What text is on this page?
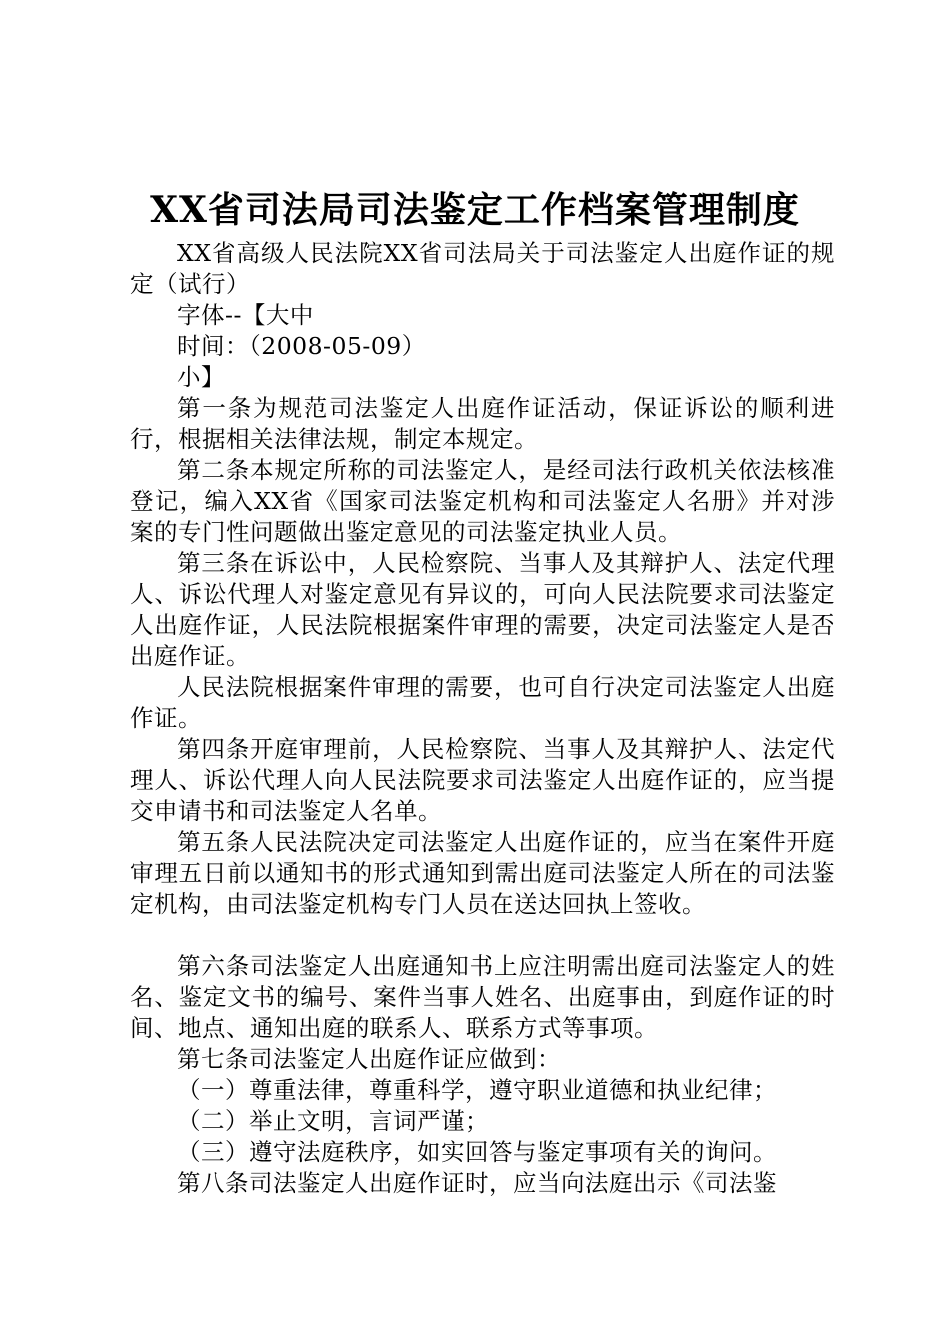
XX省司法局司法鉴定工作档案管理制度

XX省高级人民法院XX省司法局关于司法鉴定人出庭作证的规定（试行）

字体--【大中

时间：（2008-05-09）

小】

第一条为规范司法鉴定人出庭作证活动，保证诉讼的顺利进行，根据相关法律法规，制定本规定。

第二条本规定所称的司法鉴定人，是经司法行政机关依法核准登记，编入XX省《国家司法鉴定机构和司法鉴定人名册》并对涉案的专门性问题做出鉴定意见的司法鉴定执业人员。

第三条在诉讼中，人民检察院、当事人及其辩护人、法定代理人、诉讼代理人对鉴定意见有异议的，可向人民法院要求司法鉴定人出庭作证，人民法院根据案件审理的需要，决定司法鉴定人是否出庭作证。

人民法院根据案件审理的需要，也可自行决定司法鉴定人出庭作证。

第四条开庭审理前，人民检察院、当事人及其辩护人、法定代理人、诉讼代理人向人民法院要求司法鉴定人出庭作证的，应当提交申请书和司法鉴定人名单。

第五条人民法院决定司法鉴定人出庭作证的，应当在案件开庭审理五日前以通知书的形式通知到需出庭司法鉴定人所在的司法鉴定机构，由司法鉴定机构专门人员在送达回执上签收。

第六条司法鉴定人出庭通知书上应注明需出庭司法鉴定人的姓名、鉴定文书的编号、案件当事人姓名、出庭事由，到庭作证的时间、地点、通知出庭的联系人、联系方式等事项。

第七条司法鉴定人出庭作证应做到：

（一）尊重法律，尊重科学，遵守职业道德和执业纪律；

（二）举止文明，言词严谨；

（三）遵守法庭秩序，如实回答与鉴定事项有关的询问。

第八条司法鉴定人出庭作证时，应当向法庭出示《司法鉴
